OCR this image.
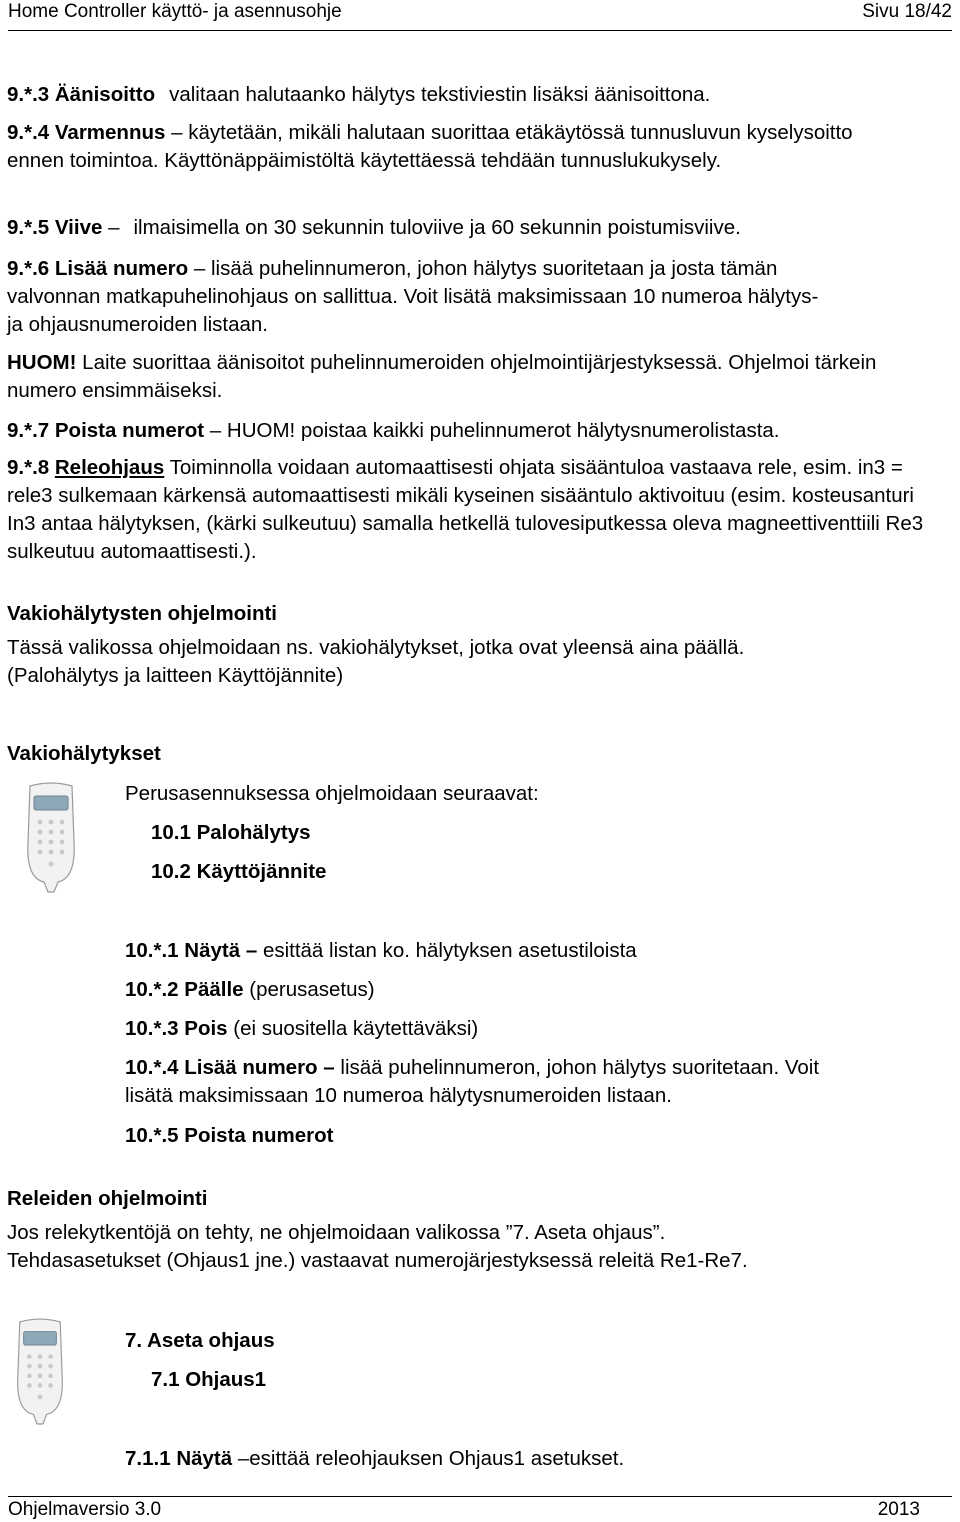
Home Controller käyttö- ja asennusohje	Sivu 18/42

9.*.3 Äänisoitto valitaan halutaanko hälytys tekstiviestin lisäksi äänisoittona.

9.*.4 Varmennus – käytetään, mikäli halutaan suorittaa etäkäytössä tunnusluvun kyselysoitto ennen toimintoa. Käyttönäppäimistöltä käytettäessä tehdään tunnuslukukysely.

9.*.5 Viive – ilmaisimella on 30 sekunnin tuloviive ja 60 sekunnin poistumisviive.

9.*.6 Lisää numero – lisää puhelinnumeron, johon hälytys suoritetaan ja josta tämän
valvonnan matkapuhelinohjaus on sallittua. Voit lisätä maksimissaan 10 numeroa hälytys-
ja ohjausnumeroiden listaan.

HUOM! Laite suorittaa äänisoitot puhelinnumeroiden ohjelmointijärjestyksessä. Ohjelmoi tärkein numero ensimmäiseksi.

9.*.7 Poista numerot – HUOM! poistaa kaikki puhelinnumerot hälytysnumerolistasta.

9.*.8 Releohjaus Toiminnolla voidaan automaattisesti ohjata sisääntuloa vastaava rele, esim. in3 = rele3 sulkemaan kärkensä automaattisesti mikäli kyseinen sisääntulo aktivoituu (esim. kosteusanturi In3 antaa hälytyksen, (kärki sulkeutuu) samalla hetkellä tulovesiputkessa oleva magneettiventtiili Re3 sulkeutuu automaattisesti.).

Vakiohälytysten ohjelmointi

Tässä valikossa ohjelmoidaan ns. vakiohälytykset, jotka ovat yleensä aina päällä.

(Palohälytys ja laitteen Käyttöjännite)

Vakiohälytykset

Perusasennuksessa ohjelmoidaan seuraavat:

10.1 Palohälytys

10.2 Käyttöjännite

10.*.1 Näytä – esittää listan ko. hälytyksen asetustiloista

10.*.2 Päälle (perusasetus)

10.*.3 Pois (ei suositella käytettäväksi)

10.*.4 Lisää numero – lisää puhelinnumeron, johon hälytys suoritetaan. Voit
lisätä maksimissaan 10 numeroa hälytysnumeroiden listaan.

10.*.5 Poista numerot

Releiden ohjelmointi

Jos relekytkentöjä on tehty, ne ohjelmoidaan valikossa ”7. Aseta ohjaus”.

Tehdasasetukset (Ohjaus1 jne.) vastaavat numerojärjestyksessä releitä Re1-Re7.

7. Aseta ohjaus

7.1 Ohjaus1

7.1.1 Näytä –esittää releohjauksen Ohjaus1 asetukset.

Ohjelmaversio 3.0	2013
